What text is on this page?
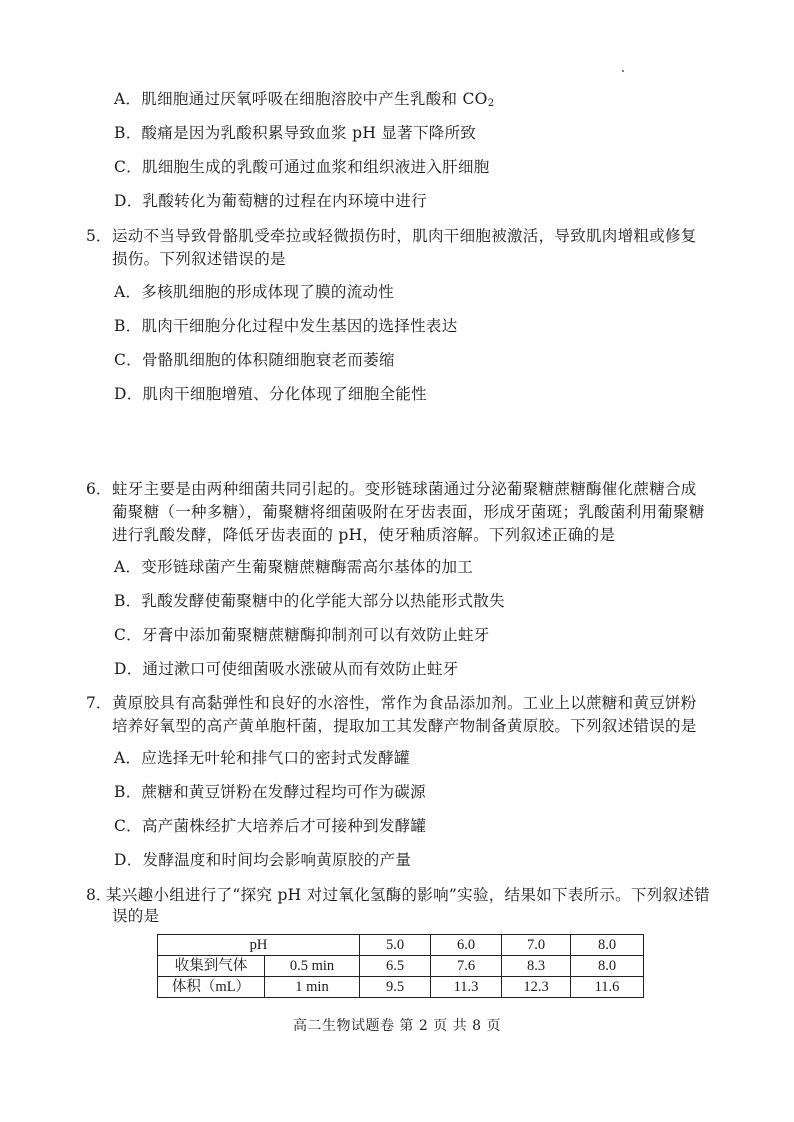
A．肌细胞通过厌氧呼吸在细胞溶胶中产生乳酸和 $CO_2$
B．酸痛是因为乳酸积累导致血浆 pH 显著下降所致
C．肌细胞生成的乳酸可通过血浆和组织液进入肝细胞
D．乳酸转化为葡萄糖的过程在内环境中进行
5． 运动不当导致骨骼肌受牵拉或轻微损伤时，肌肉干细胞被激活，导致肌肉增粗或修复
损伤。下列叙述错误的是
A．多核肌细胞的形成体现了膜的流动性
B．肌肉干细胞分化过程中发生基因的选择性表达
C．骨骼肌细胞的体积随细胞衰老而萎缩
D．肌肉干细胞增殖、分化体现了细胞全能性
6． 蛀牙主要是由两种细菌共同引起的。变形链球菌通过分泌葡聚糖蔗糖酶催化蔗糖合成
葡聚糖（一种多糖），葡聚糖将细菌吸附在牙齿表面，形成牙菌斑；乳酸菌利用葡聚糖
进行乳酸发酵，降低牙齿表面的 pH，使牙釉质溶解。下列叙述正确的是
A．变形链球菌产生葡聚糖蔗糖酶需高尔基体的加工
B．乳酸发酵使葡聚糖中的化学能大部分以热能形式散失
C．牙膏中添加葡聚糖蔗糖酶抑制剂可以有效防止蛀牙
D．通过漱口可使细菌吸水涨破从而有效防止蛀牙
7． 黄原胶具有高黏弹性和良好的水溶性，常作为食品添加剂。工业上以蔗糖和黄豆饼粉
培养好氧型的高产黄单胞杆菌，提取加工其发酵产物制备黄原胶。下列叙述错误的是
A．应选择无叶轮和排气口的密封式发酵罐
B．蔗糖和黄豆饼粉在发酵过程均可作为碳源
C．高产菌株经扩大培养后才可接种到发酵罐
D．发酵温度和时间均会影响黄原胶的产量
8．
某兴趣小组进行了“探究 pH 对过氧化氢酶的影响”实验，结果如下表所示。下列叙述错
误的是
pH		5.0	6.0	7.0	8.0
收集到气体	0.5 min	6.5	7.6	8.3	8.0
体积（mL）	1 min	9.5	11.3	12.3	11.6
高二生物试题卷 第 2 页 共 8 页
